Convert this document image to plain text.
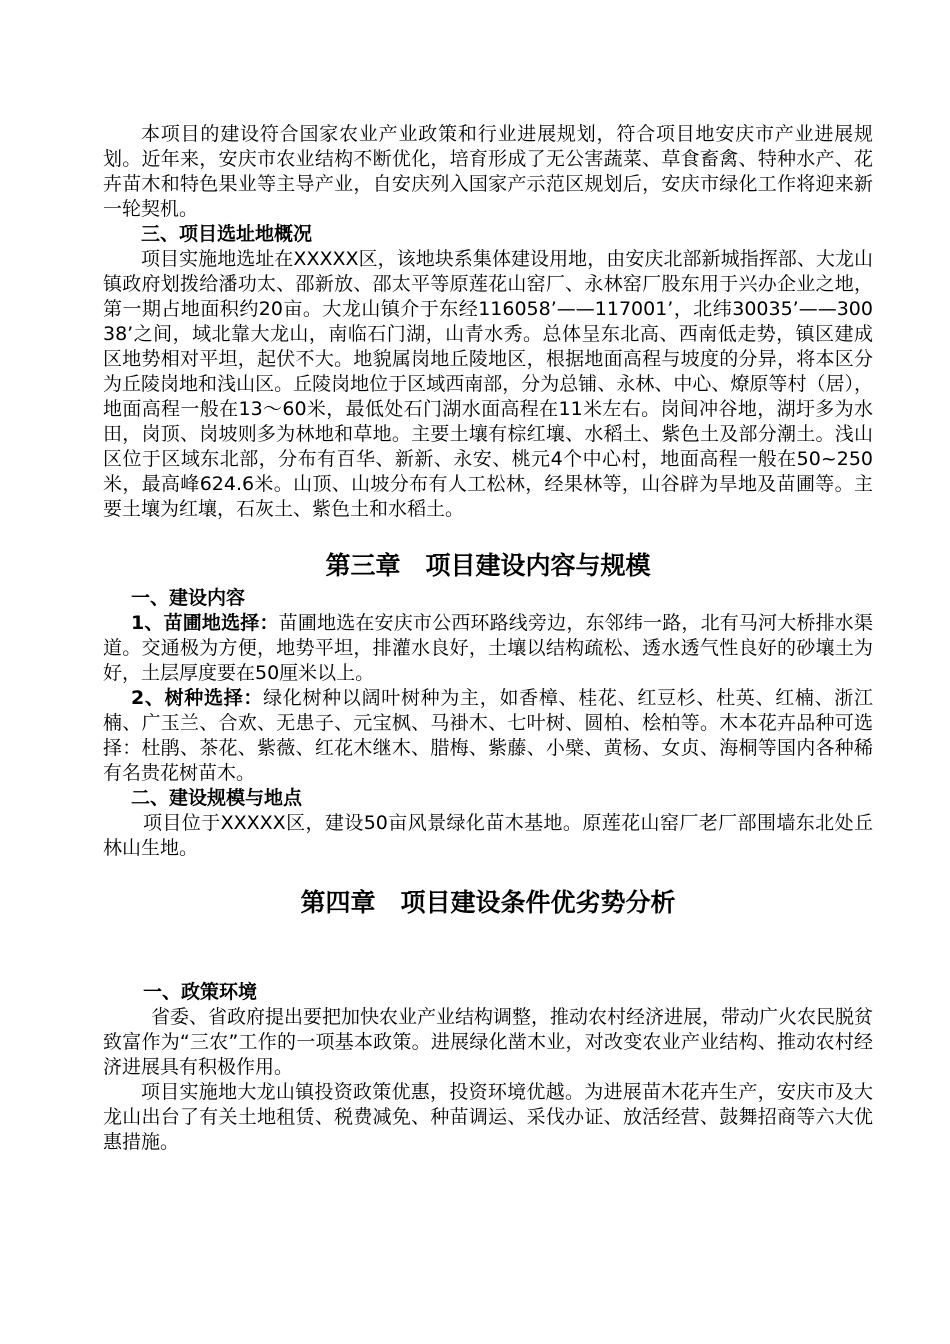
本项目的建设符合国家农业产业政策和行业进展规划，符合项目地安庆市产业进展规划。近年来，安庆市农业结构不断优化，培育形成了无公害蔬菜、草食畜禽、特种水产、花卉苗木和特色果业等主导产业，自安庆列入国家产示范区规划后，安庆市绿化工作将迎来新一轮契机。

三、项目选址地概况

项目实施地选址在XXXXX区，该地块系集体建设用地，由安庆北部新城指挥部、大龙山镇政府划拨给潘功太、邵新放、邵太平等原莲花山窑厂、永林窑厂股东用于兴办企业之地，第一期占地面积约20亩。大龙山镇介于东经116058’——117001’，北纬30035’——30038’之间，域北靠大龙山，南临石门湖，山青水秀。总体呈东北高、西南低走势，镇区建成区地势相对平坦，起伏不大。地貌属岗地丘陵地区，根据地面高程与坡度的分异，将本区分为丘陵岗地和浅山区。丘陵岗地位于区域西南部，分为总铺、永林、中心、燎原等村（居），地面高程一般在13～60米，最低处石门湖水面高程在11米左右。岗间冲谷地，湖圩多为水田，岗顶、岗坡则多为林地和草地。主要土壤有棕红壤、水稻土、紫色土及部分潮土。浅山区位于区域东北部，分布有百华、新新、永安、桃元4个中心村，地面高程一般在50~250米，最高峰624.6米。山顶、山坡分布有人工松林，经果林等，山谷辟为旱地及苗圃等。主要土壤为红壤，石灰土、紫色土和水稻土。

第三章　项目建设内容与规模

一、建设内容

1、苗圃地选择：苗圃地选在安庆市公西环路线旁边，东邻纬一路，北有马河大桥排水渠道。交通极为方便，地势平坦，排灌水良好，土壤以结构疏松、透水透气性良好的砂壤土为好，土层厚度要在50厘米以上。

2、树种选择：绿化树种以阔叶树种为主，如香樟、桂花、红豆杉、杜英、红楠、浙江楠、广玉兰、合欢、无患子、元宝枫、马褂木、七叶树、圆柏、桧柏等。木本花卉品种可选择：杜鹃、茶花、紫薇、红花木继木、腊梅、紫藤、小檗、黄杨、女贞、海桐等国内各种稀有名贵花树苗木。

二、建设规模与地点

项目位于XXXXX区，建设50亩风景绿化苗木基地。原莲花山窑厂老厂部围墙东北处丘林山生地。

第四章　项目建设条件优劣势分析

一、政策环境

省委、省政府提出要把加快农业产业结构调整，推动农村经济进展，带动广火农民脱贫致富作为“三农”工作的一项基本政策。进展绿化凿木业，对改变农业产业结构、推动农村经济进展具有积极作用。

项目实施地大龙山镇投资政策优惠，投资环境优越。为进展苗木花卉生产，安庆市及大龙山出台了有关土地租赁、税费减免、种苗调运、采伐办证、放活经营、鼓舞招商等六大优惠措施。
